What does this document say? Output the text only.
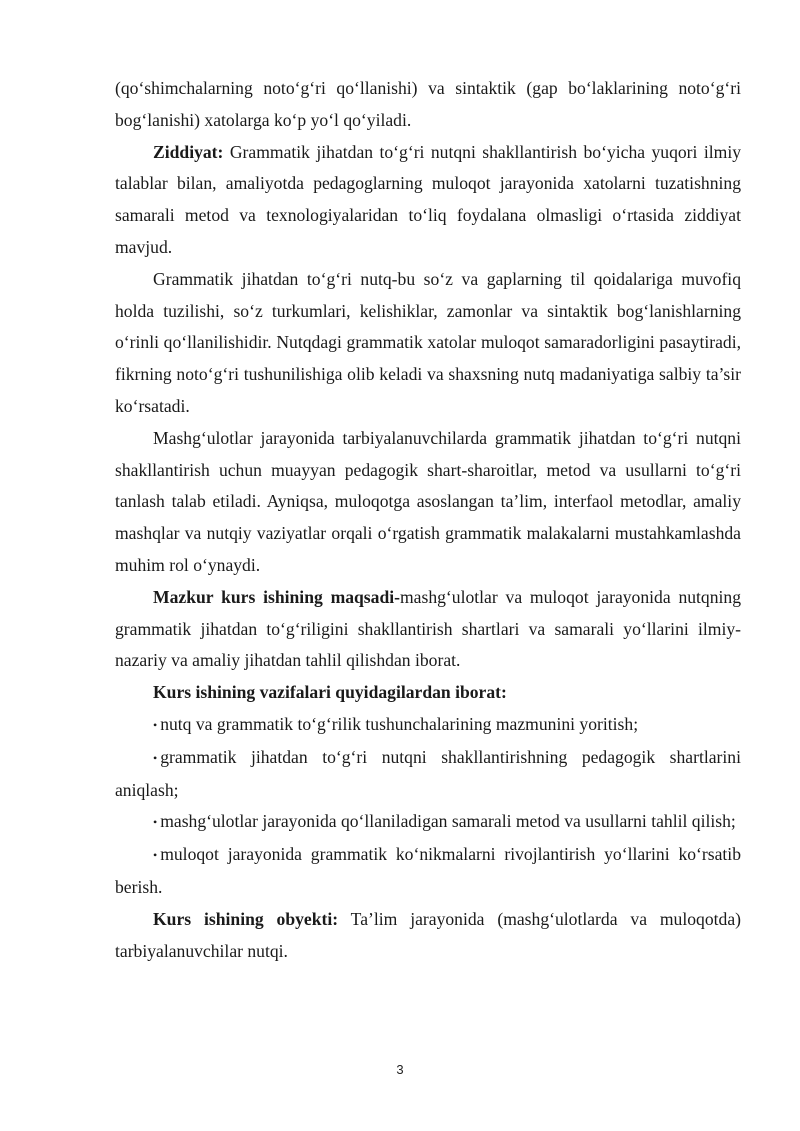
(qo‘shimchalarning noto‘g‘ri qo‘llanishi) va sintaktik (gap bo‘laklarining noto‘g‘ri bog‘lanishi) xatolarga ko‘p yo‘l qo‘yiladi.

Ziddiyat: Grammatik jihatdan to‘g‘ri nutqni shakllantirish bo‘yicha yuqori ilmiy talablar bilan, amaliyotda pedagoglarning muloqot jarayonida xatolarni tuzatishning samarali metod va texnologiyalaridan to‘liq foydalana olmasligi o‘rtasida ziddiyat mavjud.

Grammatik jihatdan to‘g‘ri nutq-bu so‘z va gaplarning til qoidalariga muvofiq holda tuzilishi, so‘z turkumlari, kelishiklar, zamonlar va sintaktik bog‘lanishlarning o‘rinli qo‘llanilishidir. Nutqdagi grammatik xatolar muloqot samaradorligini pasaytiradi, fikrning noto‘g‘ri tushunilishiga olib keladi va shaxsning nutq madaniyatiga salbiy ta’sir ko‘rsatadi.

Mashg‘ulotlar jarayonida tarbiyalanuvchilarda grammatik jihatdan to‘g‘ri nutqni shakllantirish uchun muayyan pedagogik shart-sharoitlar, metod va usullarni to‘g‘ri tanlash talab etiladi. Ayniqsa, muloqotga asoslangan ta’lim, interfaol metodlar, amaliy mashqlar va nutqiy vaziyatlar orqali o‘rgatish grammatik malakalarni mustahkamlashda muhim rol o‘ynaydi.

Mazkur kurs ishining maqsadi-mashg‘ulotlar va muloqot jarayonida nutqning grammatik jihatdan to‘g‘riligini shakllantirish shartlari va samarali yo‘llarini ilmiy-nazariy va amaliy jihatdan tahlil qilishdan iborat.

Kurs ishining vazifalari quyidagilardan iborat:

• nutq va grammatik to‘g‘rilik tushunchalarining mazmunini yoritish;

• grammatik jihatdan to‘g‘ri nutqni shakllantirishning pedagogik shartlarini aniqlash;

• mashg‘ulotlar jarayonida qo‘llaniladigan samarali metod va usullarni tahlil qilish;

• muloqot jarayonida grammatik ko‘nikmalarni rivojlantirish yo‘llarini ko‘rsatib berish.

Kurs ishining obyekti: Ta’lim jarayonida (mashg‘ulotlarda va muloqotda) tarbiyalanuvchilar nutqi.

3
